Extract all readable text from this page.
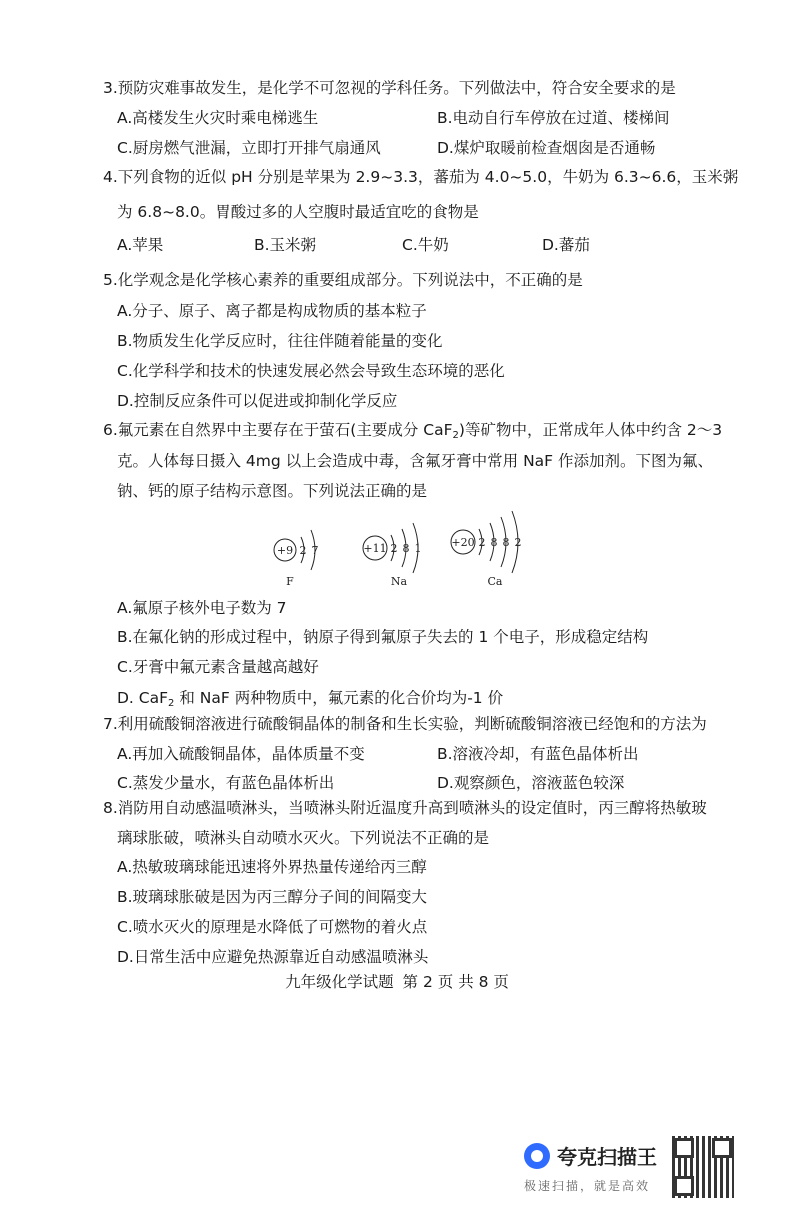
3.预防灾难事故发生，是化学不可忽视的学科任务。下列做法中，符合安全要求的是
A.高楼发生火灾时乘电梯逃生	B.电动自行车停放在过道、楼梯间
C.厨房燃气泄漏，立即打开排气扇通风	D.煤炉取暖前检查烟囱是否通畅
4.下列食物的近似 pH 分别是苹果为 2.9~3.3，蕃茄为 4.0~5.0，牛奶为 6.3~6.6，玉米粥
为 6.8~8.0。胃酸过多的人空腹时最适宜吃的食物是
A.苹果	B.玉米粥	C.牛奶	D.蕃茄
5.化学观念是化学核心素养的重要组成部分。下列说法中，不正确的是
A.分子、原子、离子都是构成物质的基本粒子
B.物质发生化学反应时，往往伴随着能量的变化
C.化学科学和技术的快速发展必然会导致生态环境的恶化
D.控制反应条件可以促进或抑制化学反应
6.氟元素在自然界中主要存在于萤石(主要成分 CaF$_2$)等矿物中，正常成年人体中约含 2～3
克。人体每日摄入 4mg 以上会造成中毒，含氟牙膏中常用 NaF 作添加剂。下图为氟、
钠、钙的原子结构示意图。下列说法正确的是
+9 2 7
F
+11 2 8 1
Na
+20 2 8 8 2
Ca
A.氟原子核外电子数为 7
B.在氟化钠的形成过程中，钠原子得到氟原子失去的 1 个电子，形成稳定结构
C.牙膏中氟元素含量越高越好
D. CaF$_2$ 和 NaF 两种物质中，氟元素的化合价均为-1 价
7.利用硫酸铜溶液进行硫酸铜晶体的制备和生长实验，判断硫酸铜溶液已经饱和的方法为
A.再加入硫酸铜晶体，晶体质量不变	B.溶液冷却，有蓝色晶体析出
C.蒸发少量水，有蓝色晶体析出	D.观察颜色，溶液蓝色较深
8.消防用自动感温喷淋头，当喷淋头附近温度升高到喷淋头的设定值时，丙三醇将热敏玻
璃球胀破，喷淋头自动喷水灭火。下列说法不正确的是
A.热敏玻璃球能迅速将外界热量传递给丙三醇
B.玻璃球胀破是因为丙三醇分子间的间隔变大
C.喷水灭火的原理是水降低了可燃物的着火点
D.日常生活中应避免热源靠近自动感温喷淋头
九年级化学试题 第 2 页 共 8 页
夸克扫描王
极速扫描，就是高效
